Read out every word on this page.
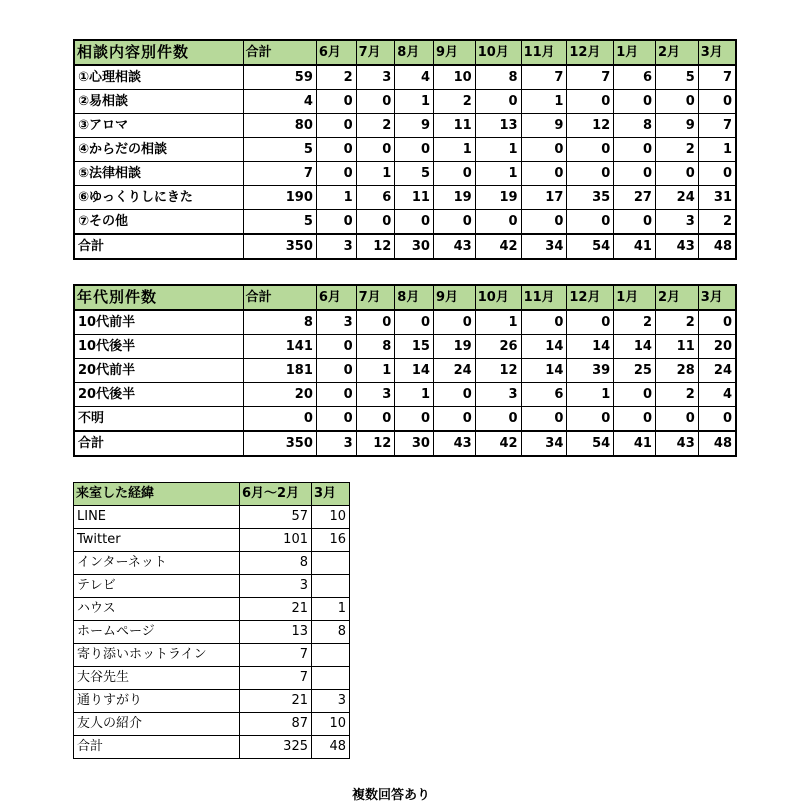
相談内容別件数	合計	6月	7月	8月	9月	10月	11月	12月	1月	2月	3月
①心理相談	59	2	3	4	10	8	7	7	6	5	7
②易相談	4	0	0	1	2	0	1	0	0	0	0
③アロマ	80	0	2	9	11	13	9	12	8	9	7
④からだの相談	5	0	0	0	1	1	0	0	0	2	1
⑤法律相談	7	0	1	5	0	1	0	0	0	0	0
⑥ゆっくりしにきた	190	1	6	11	19	19	17	35	27	24	31
⑦その他	5	0	0	0	0	0	0	0	0	3	2
合計	350	3	12	30	43	42	34	54	41	43	48
年代別件数	合計	6月	7月	8月	9月	10月	11月	12月	1月	2月	3月
10代前半	8	3	0	0	0	1	0	0	2	2	0
10代後半	141	0	8	15	19	26	14	14	14	11	20
20代前半	181	0	1	14	24	12	14	39	25	28	24
20代後半	20	0	3	1	0	3	6	1	0	2	4
不明	0	0	0	0	0	0	0	0	0	0	0
合計	350	3	12	30	43	42	34	54	41	43	48
来室した経緯	6月～2月	3月
LINE	57	10
Twitter	101	16
インターネット	8	
テレビ	3	
ハウス	21	1
ホームページ	13	8
寄り添いホットライン	7	
大谷先生	7	
通りすがり	21	3
友人の紹介	87	10
合計	325	48
複数回答あり
